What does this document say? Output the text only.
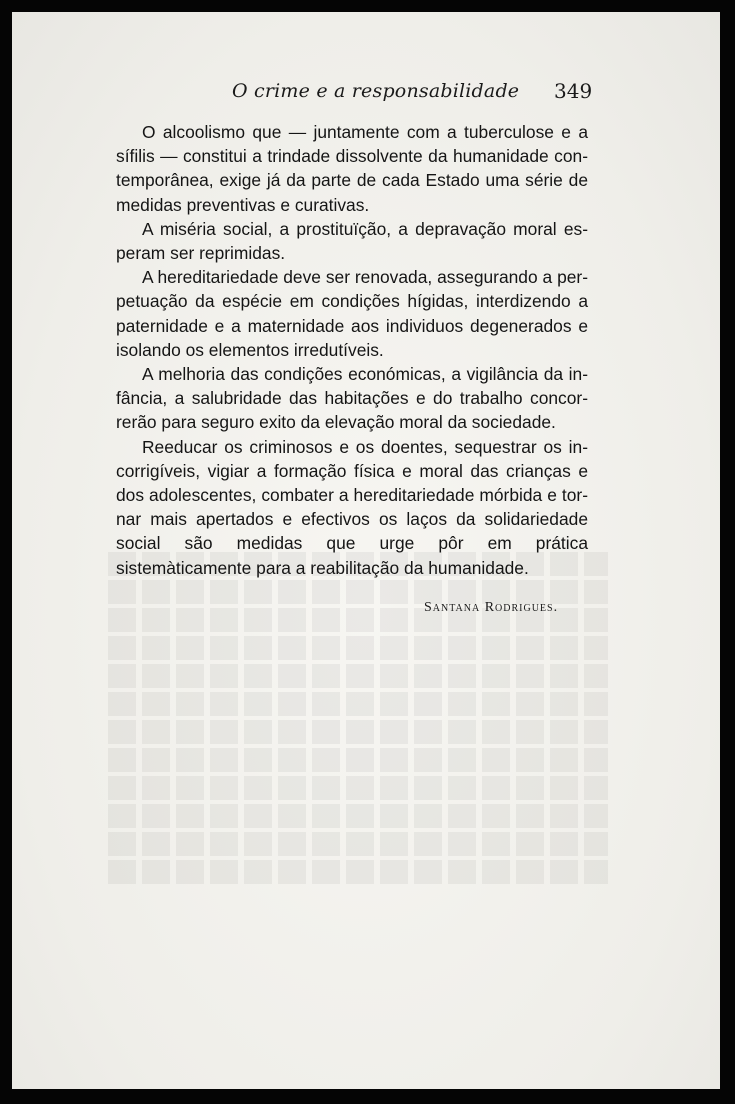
O crime e a responsabilidade 349

O alcoolismo que — juntamente com a tuberculose e a sífilis — constitui a trindade dissolvente da humanidade contemporânea, exige já da parte de cada Estado uma série de medidas preventivas e curativas.

A miséria social, a prostituïção, a depravação moral esperam ser reprimidas.

A hereditariedade deve ser renovada, assegurando a perpetuação da espécie em condições hígidas, interdizendo a paternidade e a maternidade aos individuos degenerados e isolando os elementos irredutíveis.

A melhoria das condições económicas, a vigilância da infância, a salubridade das habitações e do trabalho concorrerão para seguro exito da elevação moral da sociedade.

Reeducar os criminosos e os doentes, sequestrar os incorrigíveis, vigiar a formação física e moral das crianças e dos adolescentes, combater a hereditariedade mórbida e tornar mais apertados e efectivos os laços da solidariedade social são medidas que urge pôr em prática sistemàticamente para a reabilitação da humanidade.

Santana Rodrigues.
